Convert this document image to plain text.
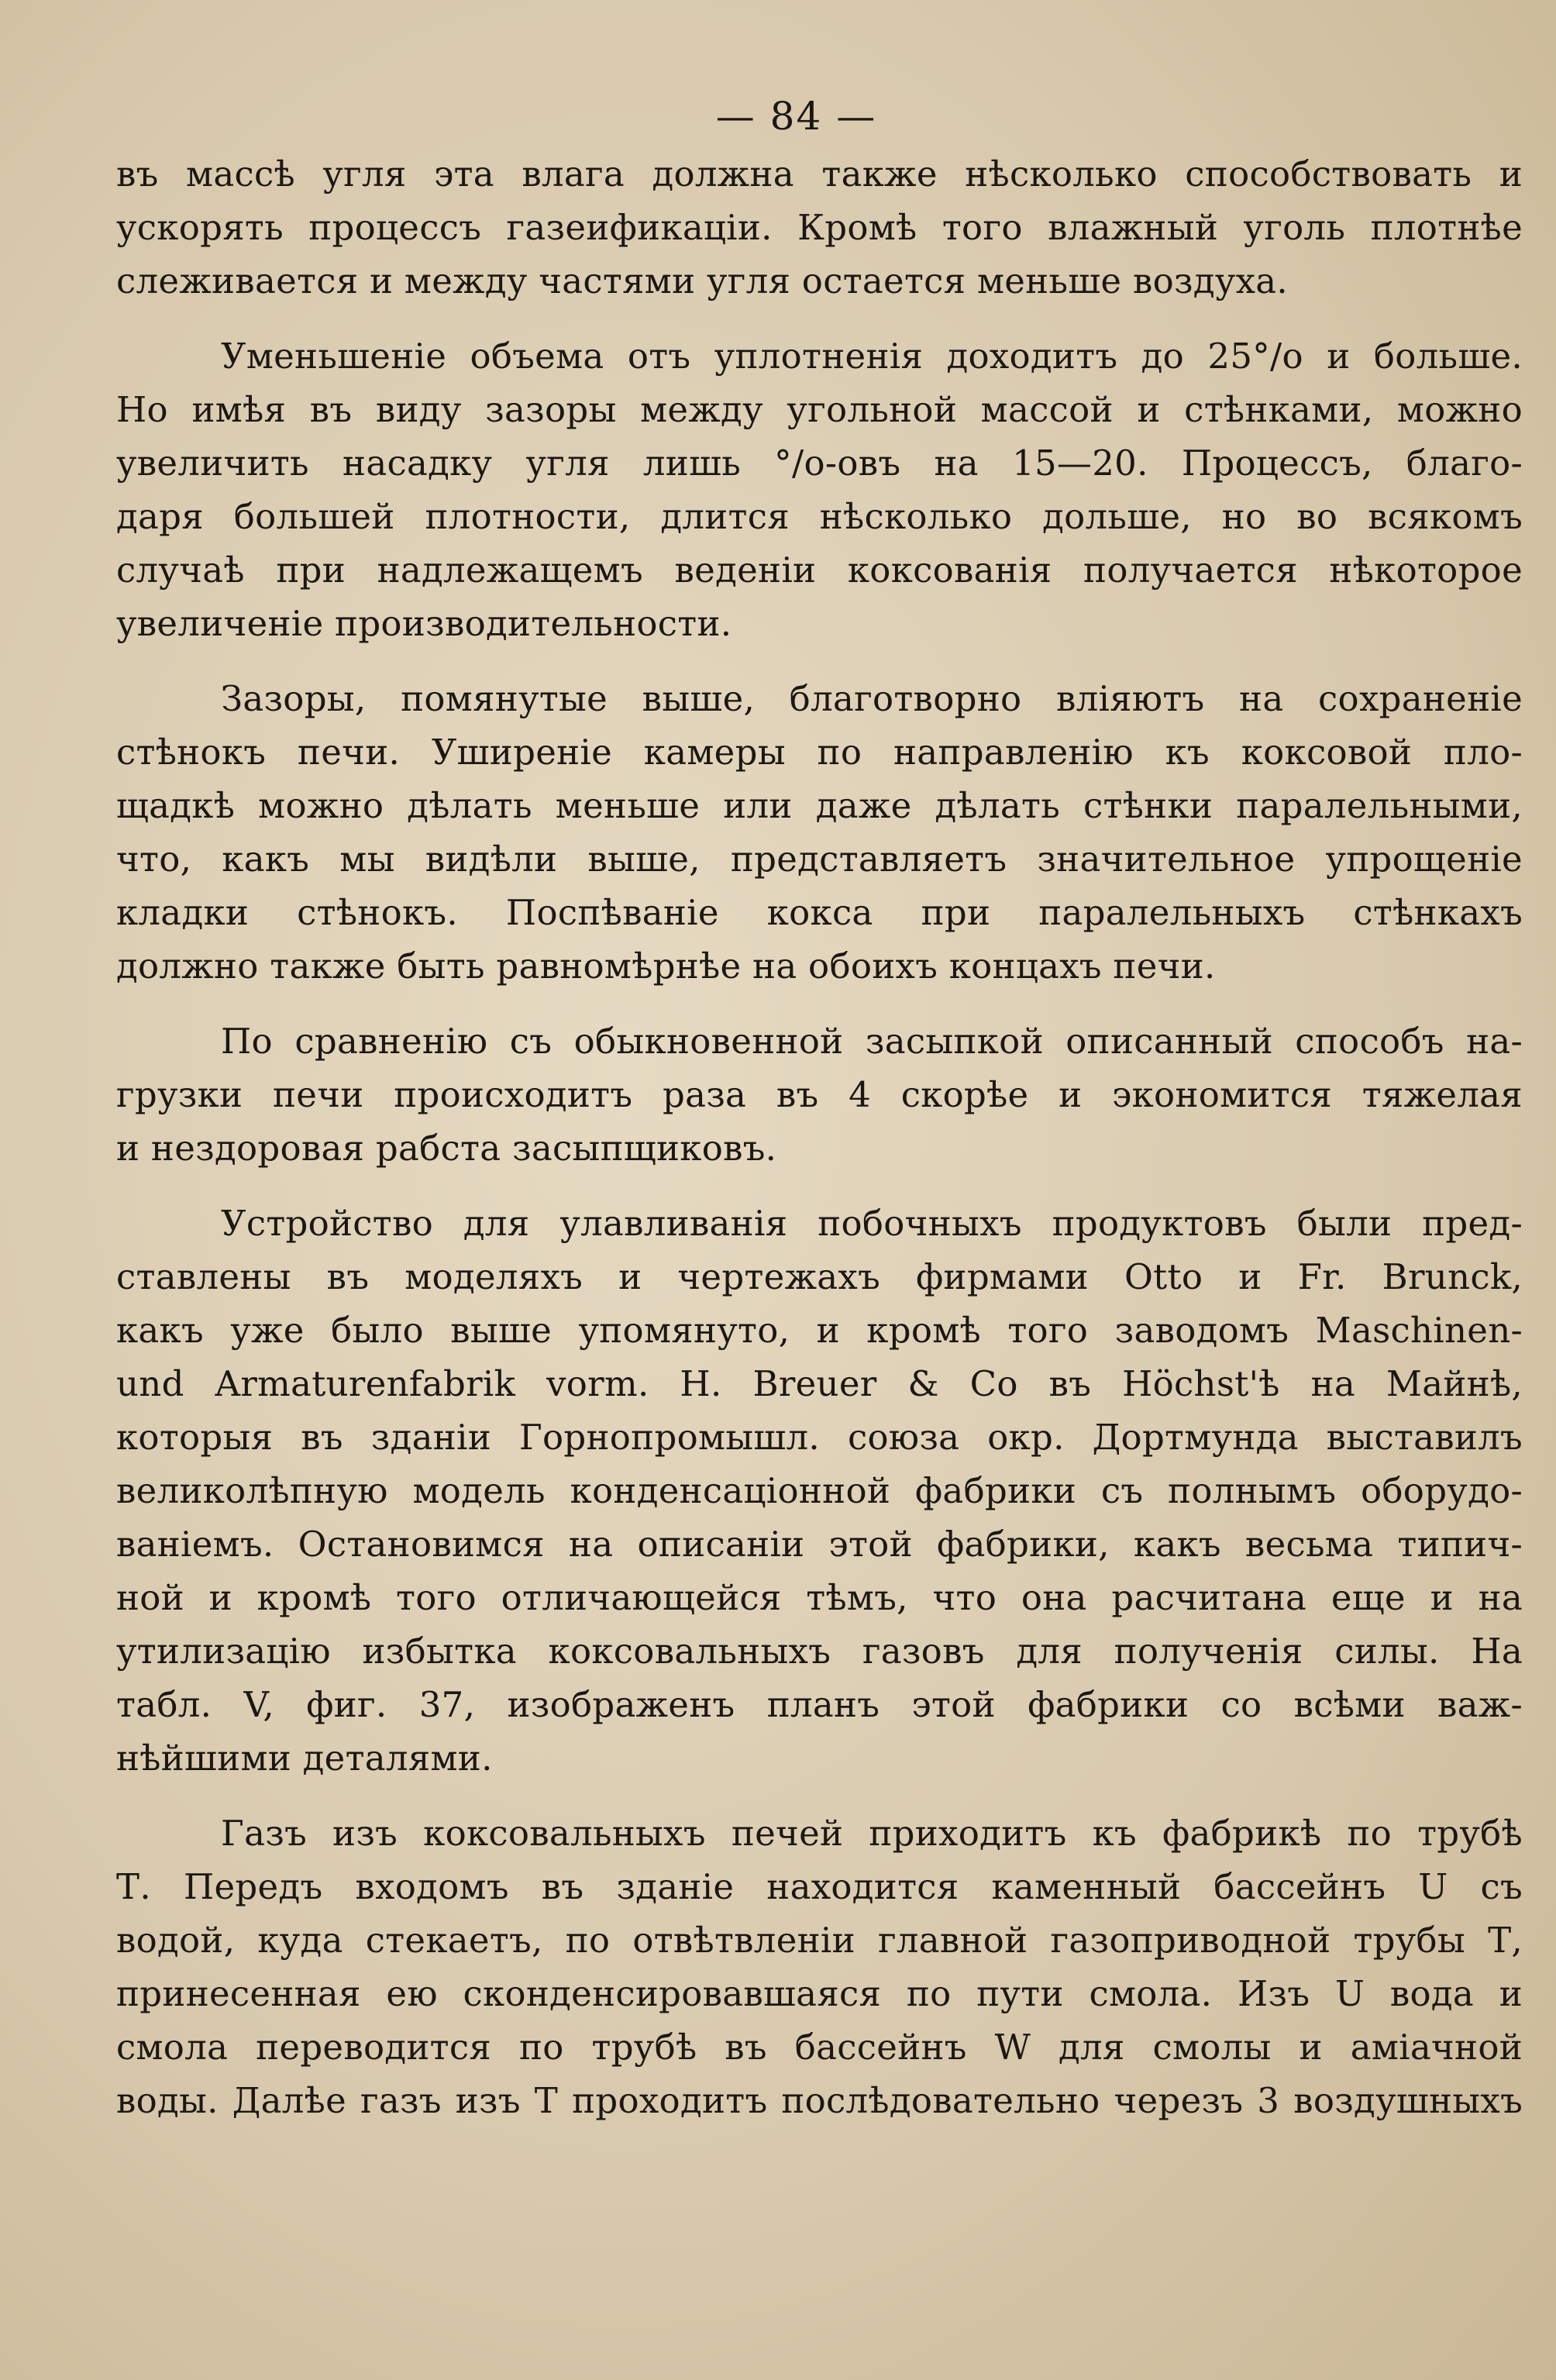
— 84 —
въ массѣ угля эта влага должна также нѣсколько способствовать и
ускорять процессъ газеификаціи. Кромѣ того влажный уголь плотнѣе
слеживается и между частями угля остается меньше воздуха.
Уменьшеніе объема отъ уплотненія доходитъ до 25°/о и больше.
Но имѣя въ виду зазоры между угольной массой и стѣнками, можно
увеличить насадку угля лишь °/о-овъ на 15—20. Процессъ, благо-
даря большей плотности, длится нѣсколько дольше, но во всякомъ
случаѣ при надлежащемъ веденіи коксованія получается нѣкоторое
увеличеніе производительности.
Зазоры, помянутые выше, благотворно вліяютъ на сохраненіе
стѣнокъ печи. Уширеніе камеры по направленію къ коксовой пло-
щадкѣ можно дѣлать меньше или даже дѣлать стѣнки паралельными,
что, какъ мы видѣли выше, представляетъ значительное упрощеніе
кладки стѣнокъ. Поспѣваніе кокса при паралельныхъ стѣнкахъ
должно также быть равномѣрнѣе на обоихъ концахъ печи.
По сравненію съ обыкновенной засыпкой описанный способъ на-
грузки печи происходитъ раза въ 4 скорѣе и экономится тяжелая
и нездоровая рабста засыпщиковъ.
Устройство для улавливанія побочныхъ продуктовъ были пред-
ставлены въ моделяхъ и чертежахъ фирмами Otto и Fr. Brunck,
какъ уже было выше упомянуто, и кромѣ того заводомъ Maschinen-
und Armaturenfabrik vorm. H. Breuer & Co въ Höchst'ѣ на Майнѣ,
которыя въ зданіи Горнопромышл. союза окр. Дортмунда выставилъ
великолѣпную модель конденсаціонной фабрики съ полнымъ оборудо-
ваніемъ. Остановимся на описаніи этой фабрики, какъ весьма типич-
ной и кромѣ того отличающейся тѣмъ, что она расчитана еще и на
утилизацію избытка коксовальныхъ газовъ для полученія силы. На
табл. V, фиг. 37, изображенъ планъ этой фабрики со всѣми важ-
нѣйшими деталями.
Газъ изъ коксовальныхъ печей приходитъ къ фабрикѣ по трубѣ
Т. Передъ входомъ въ зданіе находится каменный бассейнъ U съ
водой, куда стекаетъ, по отвѣтвленіи главной газоприводной трубы Т,
принесенная ею сконденсировавшаяся по пути смола. Изъ U вода и
смола переводится по трубѣ въ бассейнъ W для смолы и аміачной
воды. Далѣе газъ изъ Т проходитъ послѣдовательно черезъ 3 воздушныхъ
